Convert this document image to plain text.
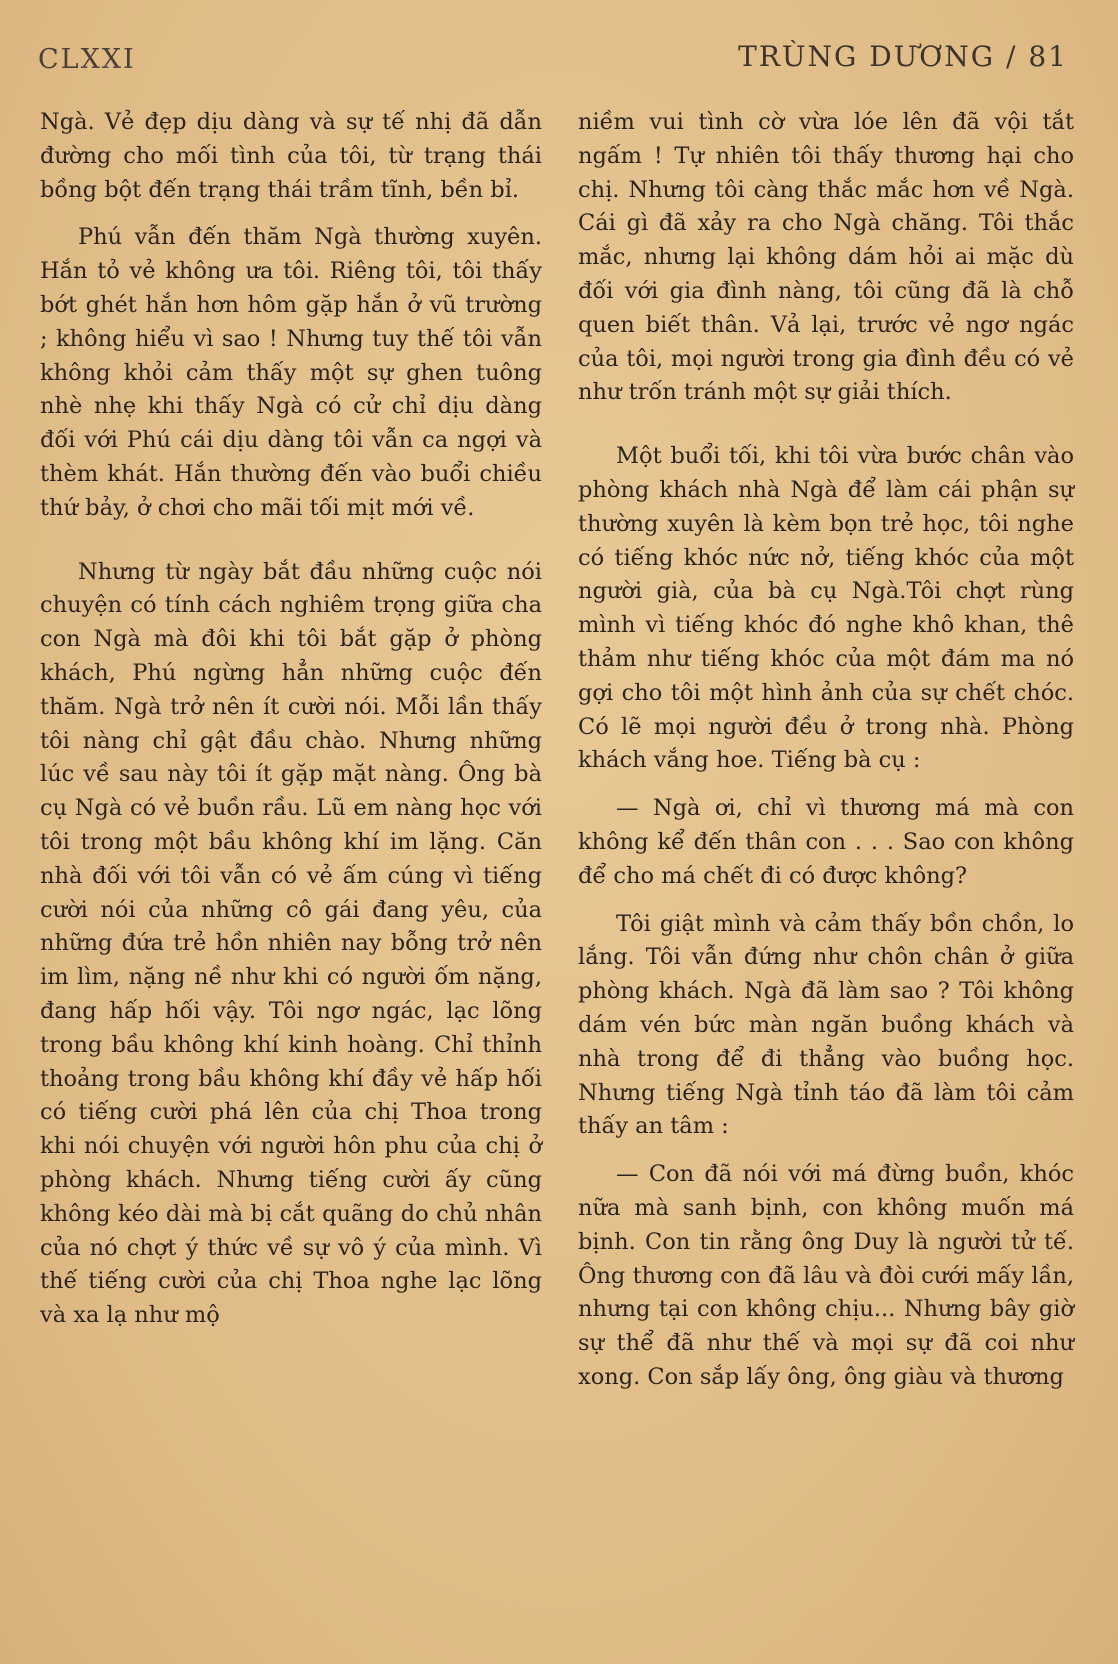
CLXXI	TRÙNG DƯƠNG / 81

Ngà. Vẻ đẹp dịu dàng và sự tế nhị đã dẫn đường cho mối tình của tôi, từ trạng thái bồng bột đến trạng thái trầm tĩnh, bền bỉ.

Phú vẫn đến thăm Ngà thường xuyên. Hắn tỏ vẻ không ưa tôi. Riêng tôi, tôi thấy bớt ghét hắn hơn hôm gặp hắn ở vũ trường ; không hiểu vì sao ! Nhưng tuy thế tôi vẫn không khỏi cảm thấy một sự ghen tuông nhè nhẹ khi thấy Ngà có cử chỉ dịu dàng đối với Phú cái dịu dàng tôi vẫn ca ngợi và thèm khát. Hắn thường đến vào buổi chiều thứ bảy, ở chơi cho mãi tối mịt mới về.

Nhưng từ ngày bắt đầu những cuộc nói chuyện có tính cách nghiêm trọng giữa cha con Ngà mà đôi khi tôi bắt gặp ở phòng khách, Phú ngừng hẳn những cuộc đến thăm. Ngà trở nên ít cười nói. Mỗi lần thấy tôi nàng chỉ gật đầu chào. Nhưng những lúc về sau này tôi ít gặp mặt nàng. Ông bà cụ Ngà có vẻ buồn rầu. Lũ em nàng học với tôi trong một bầu không khí im lặng. Căn nhà đối với tôi vẫn có vẻ ấm cúng vì tiếng cười nói của những cô gái đang yêu, của những đứa trẻ hồn nhiên nay bỗng trở nên im lìm, nặng nề như khi có người ốm nặng, đang hấp hối vậy. Tôi ngơ ngác, lạc lõng trong bầu không khí kinh hoàng. Chỉ thỉnh thoảng trong bầu không khí đầy vẻ hấp hối có tiếng cười phá lên của chị Thoa trong khi nói chuyện với người hôn phu của chị ở phòng khách. Nhưng tiếng cười ấy cũng không kéo dài mà bị cắt quãng do chủ nhân của nó chợt ý thức về sự vô ý của mình. Vì thế tiếng cười của chị Thoa nghe lạc lõng và xa lạ như mộ

niềm vui tình cờ vừa lóe lên đã vội tắt ngấm ! Tự nhiên tôi thấy thương hại cho chị. Nhưng tôi càng thắc mắc hơn về Ngà. Cái gì đã xảy ra cho Ngà chăng. Tôi thắc mắc, nhưng lại không dám hỏi ai mặc dù đối với gia đình nàng, tôi cũng đã là chỗ quen biết thân. Vả lại, trước vẻ ngơ ngác của tôi, mọi người trong gia đình đều có vẻ như trốn tránh một sự giải thích.

Một buổi tối, khi tôi vừa bước chân vào phòng khách nhà Ngà để làm cái phận sự thường xuyên là kèm bọn trẻ học, tôi nghe có tiếng khóc nức nở, tiếng khóc của một người già, của bà cụ Ngà.Tôi chợt rùng mình vì tiếng khóc đó nghe khô khan, thê thảm như tiếng khóc của một đám ma nó gợi cho tôi một hình ảnh của sự chết chóc. Có lẽ mọi người đều ở trong nhà. Phòng khách vắng hoe. Tiếng bà cụ :

— Ngà ơi, chỉ vì thương má mà con không kể đến thân con . . . Sao con không để cho má chết đi có được không?

Tôi giật mình và cảm thấy bồn chồn, lo lắng. Tôi vẫn đứng như chôn chân ở giữa phòng khách. Ngà đã làm sao ? Tôi không dám vén bức màn ngăn buồng khách và nhà trong để đi thẳng vào buồng học. Nhưng tiếng Ngà tỉnh táo đã làm tôi cảm thấy an tâm :

— Con đã nói với má đừng buồn, khóc nữa mà sanh bịnh, con không muốn má bịnh. Con tin rằng ông Duy là người tử tế. Ông thương con đã lâu và đòi cưới mấy lần, nhưng tại con không chịu... Nhưng bây giờ sự thể đã như thế và mọi sự đã coi như xong. Con sắp lấy ông, ông giàu và thương
